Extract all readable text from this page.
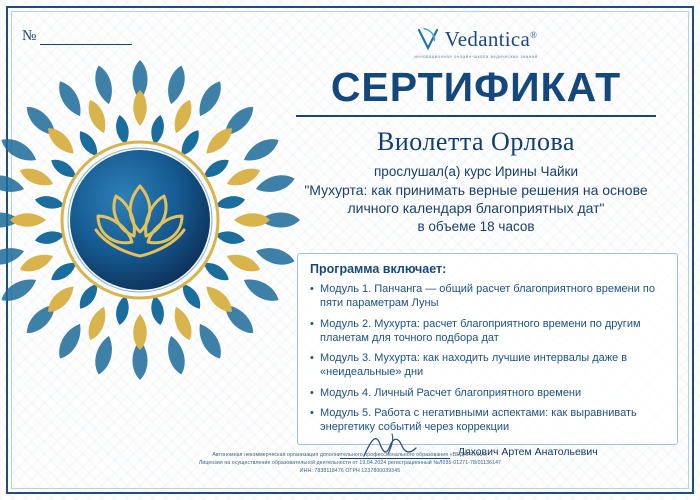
№	Vedantica®
инновационная онлайн-школа ведических знаний
СЕРТИФИКАТ
Виолетта Орлова
прослушал(а) курс Ирины Чайки
"Мухурта: как принимать верные решения на основе
личного календаря благоприятных дат"
в объеме 18 часов
Программа включает:
• Модуль 1. Панчанга — общий расчет благоприятного времени по пяти параметрам Луны
• Модуль 2. Мухурта: расчет благоприятного времени по другим планетам для точного подбора дат
• Модуль 3. Мухурта: как находить лучшие интервалы даже в «неидеальные» дни
• Модуль 4. Личный Расчет благоприятного времени
• Модуль 5. Работа с негативными аспектами: как выравнивать энергетику событий через коррекции
Ляхович Артем Анатольевич
Автономная некоммерческая организация дополнительного профессионального образования «ВЕДАНТИКА»
Лицензия на осуществление образовательной деятельности от 19.04.2024 регистрационный №Л035-01271-78/01136147
ИНН: 7838118476 ОГРН 1237800039345
